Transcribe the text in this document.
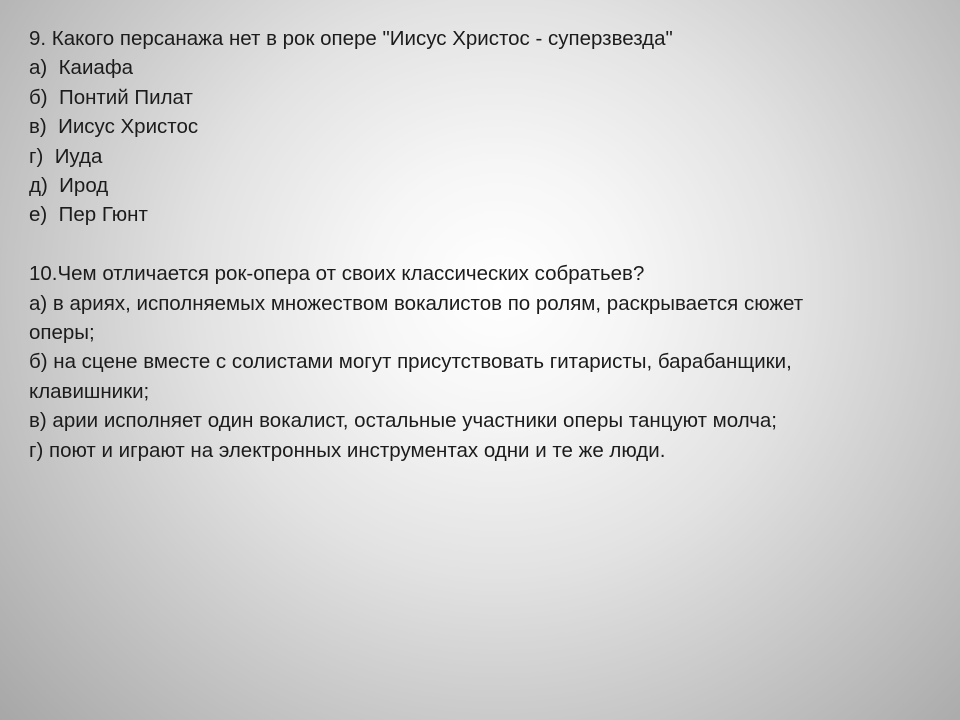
9. Какого персанажа нет в рок опере "Иисус Христос - суперзвезда"
а)  Каиафа
б)  Понтий Пилат
в)  Иисус Христос
г)  Иуда
д)  Ирод
е)  Пер Гюнт
10.Чем отличается рок-опера от своих классических собратьев?
а) в ариях, исполняемых множеством вокалистов по ролям, раскрывается сюжет
оперы;
б) на сцене вместе с солистами могут присутствовать гитаристы, барабанщики,
клавишники;
в) арии исполняет один вокалист, остальные участники оперы танцуют молча;
г) поют и играют на электронных инструментах одни и те же люди.
